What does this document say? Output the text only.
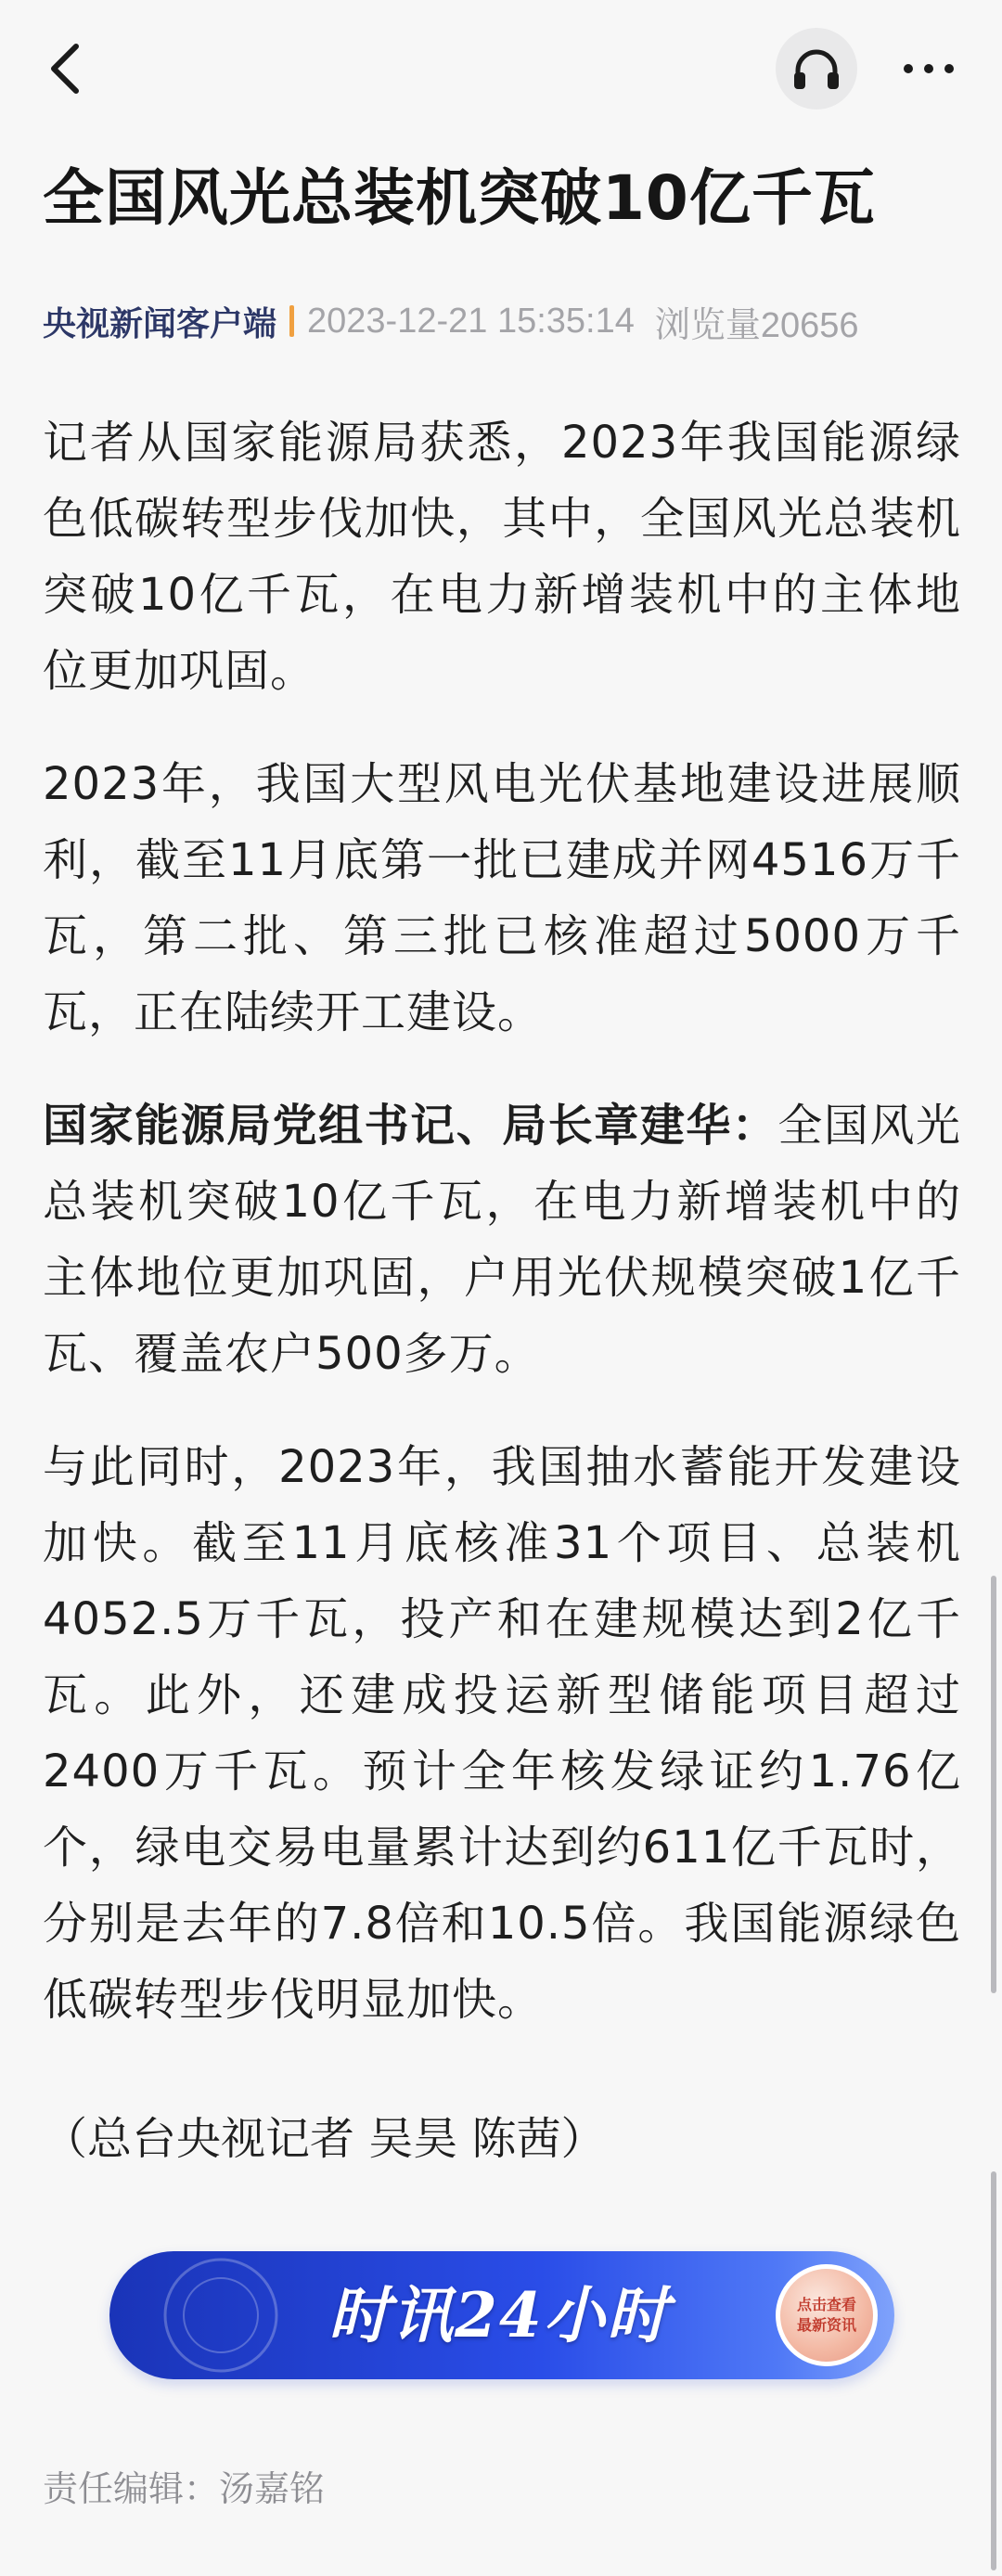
全国风光总装机突破10亿千瓦
央视新闻客户端 2023-12-21 15:35:14 浏览量20656

记者从国家能源局获悉，2023年我国能源绿色低碳转型步伐加快，其中，全国风光总装机突破10亿千瓦，在电力新增装机中的主体地位更加巩固。

2023年，我国大型风电光伏基地建设进展顺利，截至11月底第一批已建成并网4516万千瓦，第二批、第三批已核准超过5000万千瓦，正在陆续开工建设。

国家能源局党组书记、局长章建华：全国风光总装机突破10亿千瓦，在电力新增装机中的主体地位更加巩固，户用光伏规模突破1亿千瓦、覆盖农户500多万。

与此同时，2023年，我国抽水蓄能开发建设加快。截至11月底核准31个项目、总装机4052.5万千瓦，投产和在建规模达到2亿千瓦。此外，还建成投运新型储能项目超过2400万千瓦。预计全年核发绿证约1.76亿个，绿电交易电量累计达到约611亿千瓦时，分别是去年的7.8倍和10.5倍。我国能源绿色低碳转型步伐明显加快。

（总台央视记者 吴昊 陈茜）

时讯24小时	点击查看
最新资讯

责任编辑：汤嘉铭
